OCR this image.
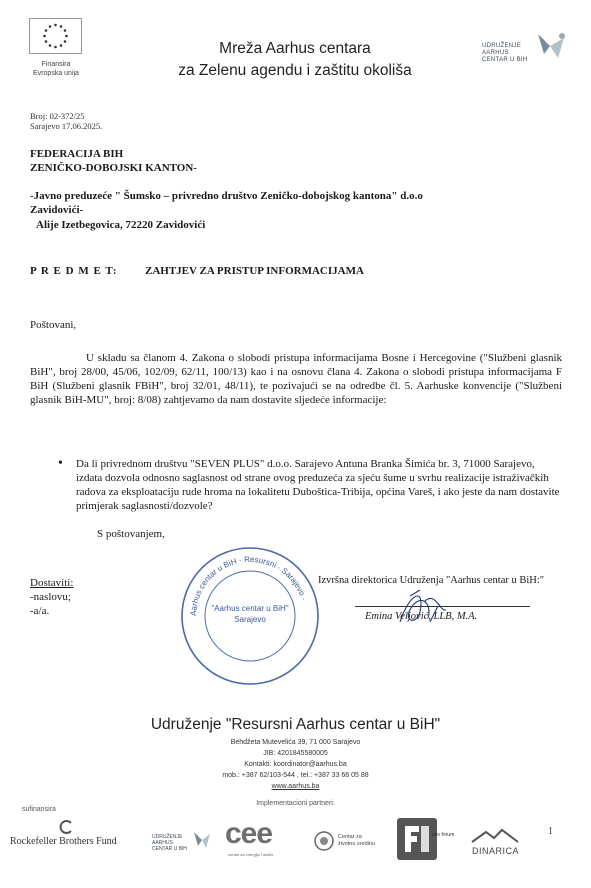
Finansira
Evropska unija
Mreža Aarhus centara
za Zelenu agendu i zaštitu okoliša
UDRUŽENJE
AARHUS
CENTAR U BIH
Broj: 02-372/25
Sarajevo 17.06.2025.
FEDERACIJA BIH
ZENIČKO-DOBOJSKI KANTON-
-Javno preduzeće " Šumsko – privredno društvo Zeničko-dobojskog kantona" d.o.o
Zavidovići-
Alije Izetbegovica, 72220 Zavidovići
P R E D M E T: ZAHTJEV ZA PRISTUP INFORMACIJAMA
Poštovani,
U skladu sa članom 4. Zakona o slobodi pristupa informacijama Bosne i Hercegovine ("Službeni glasnik BiH", broj 28/00, 45/06, 102/09, 62/11, 100/13) kao i na osnovu člana 4. Zakona o slobodi pristupa informacijama F BiH (Službeni glasnik FBiH", broj 32/01, 48/11), te pozivajući se na odredbe čl. 5. Aarhuske konvencije ("Službeni glasnik BiH-MU", broj: 8/08) zahtjevamo da nam dostavite sljedeće informacije:
• Da li privrednom društvu "SEVEN PLUS" d.o.o. Sarajevo Antuna Branka Šimića br. 3, 71000 Sarajevo, izdata dozvola odnosno saglasnost od strane ovog preduzeća za sjeću šume u svrhu realizacije istraživačkih radova za eksploataciju rude hroma na lokalitetu Duboštica-Tribija, općina Vareš, i ako jeste da nam dostavite primjerak saglasnosti/dozvole?
S poštovanjem,
Aarhus centar u BiH · Resursni · Sarajevo ·
"Aarhus centar u BiH"
Sarajevo
Dostaviti:
-naslovu;
-a/a.
Izvršna direktorica Udruženja "Aarhus centar u BiH:"
Emina Veljović, LLB, M.A.
Udruženje "Resursni Aarhus centar u BiH"
Behdžeta Mutevelića 39, 71 000 Sarajevo
JIB: 4201845580005
Kontakti: koordinator@aarhus.ba
mob.: +387 62/103-544 , tel.: +387 33 66 05 88
www.aarhus.ba
sufinansira
Implementacioni partneri:
Rockefeller Brothers Fund	UDRUŽENJE
AARHUS
CENTAR U BIH cee
centar za energiju i okoliš
Centar za
životnu sredinu
eko forum
DINARICA
1
